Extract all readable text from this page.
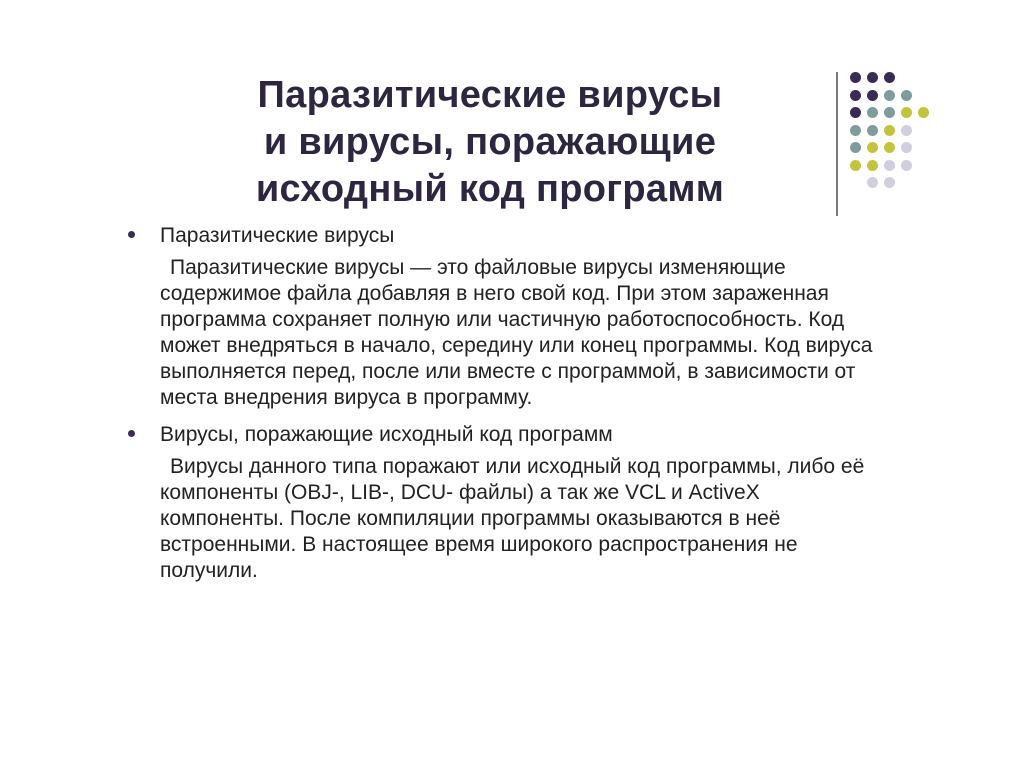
Паразитические вирусы
и вирусы, поражающие
исходный код программ
Паразитические вирусы
Паразитические вирусы — это файловые вирусы изменяющие содержимое файла добавляя в него свой код. При этом зараженная программа сохраняет полную или частичную работоспособность. Код может внедряться в начало, середину или конец программы. Код вируса выполняется перед, после или вместе с программой, в зависимости от места внедрения вируса в программу.
Вирусы, поражающие исходный код программ
Вирусы данного типа поражают или исходный код программы, либо её компоненты (OBJ-, LIB-, DCU- файлы) а так же VCL и ActiveX компоненты. После компиляции программы оказываются в неё встроенными. В настоящее время широкого распространения не получили.
